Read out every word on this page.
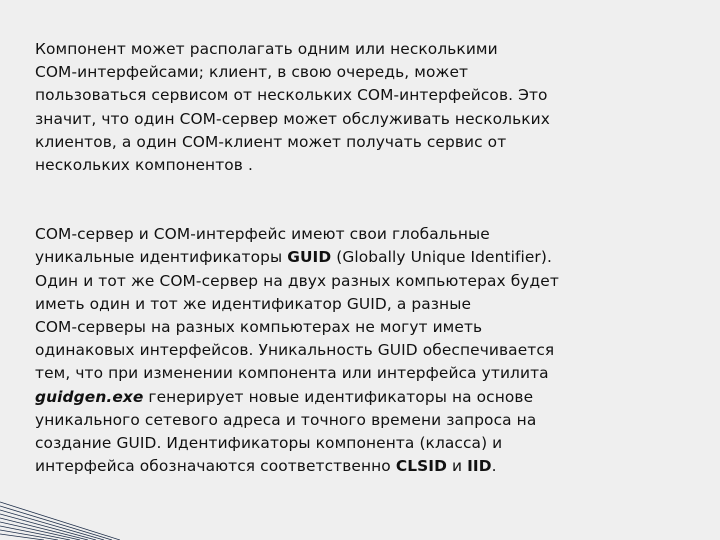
Компонент может располагать одним или несколькими
СОМ-интерфейсами; клиент, в свою очередь, может
пользоваться сервисом от нескольких СОМ-интерфейсов. Это
значит, что один СОМ-сервер может обслуживать нескольких
клиентов, а один СОМ-клиент может получать сервис от
нескольких компонентов .

СОМ-сервер и СОМ-интерфейс имеют свои глобальные
уникальные идентификаторы GUID (Globally Unique Identifier).
Один и тот же СОМ-сервер на двух разных компьютерах будет
иметь один и тот же идентификатор GUID, а разные
СОМ-серверы на разных компьютерах не могут иметь
одинаковых интерфейсов. Уникальность GUID обеспечивается
тем, что при изменении компонента или интерфейса утилита
guidgen.exe генерирует новые идентификаторы на основе
уникального сетевого адреса и точного времени запроса на
создание GUID. Идентификаторы компонента (класса) и
интерфейса обозначаются соответственно CLSID и IID.
